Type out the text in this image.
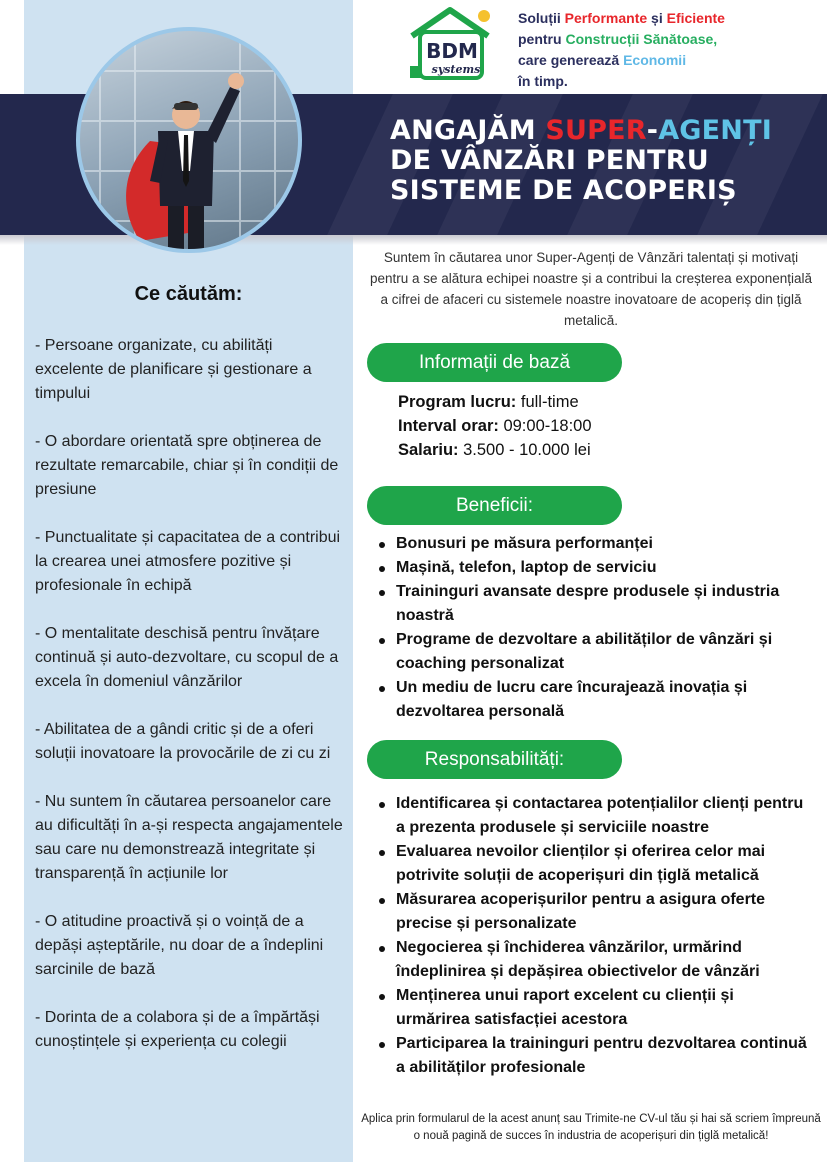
BDM
systems
Soluții Performante și Eficiente
pentru Construcții Sănătoase,
care generează Economii
în timp.
ANGAJĂM SUPER-AGENȚI
DE VÂNZĂRI PENTRU
SISTEME DE ACOPERIȘ
Ce căutăm:

- Persoane organizate, cu abilități excelente de planificare și gestionare a timpului

- O abordare orientată spre obținerea de rezultate remarcabile, chiar și în condiții de presiune

- Punctualitate și capacitatea de a contribui la crearea unei atmosfere pozitive și profesionale în echipă

- O mentalitate deschisă pentru învățare continuă și auto-dezvoltare, cu scopul de a excela în domeniul vânzărilor

- Abilitatea de a gândi critic și de a oferi soluții inovatoare la provocările de zi cu zi

- Nu suntem în căutarea persoanelor care au dificultăți în a-și respecta angajamentele sau care nu demonstrează integritate și transparență în acțiunile lor

- O atitudine proactivă și o voință de a depăși așteptările, nu doar de a îndeplini sarcinile de bază

- Dorinta de a colabora și de a împărtăși cunoștințele și experiența cu colegii

Suntem în căutarea unor Super-Agenți de Vânzări talentați și motivați pentru a se alătura echipei noastre și a contribui la creșterea exponențială a cifrei de afaceri cu sistemele noastre inovatoare de acoperiș din țiglă metalică.

Informații de bază
Program lucru: full-time
Interval orar: 09:00-18:00
Salariu: 3.500 - 10.000 lei
Beneficii:
Bonusuri pe măsura performanței
Mașină, telefon, laptop de serviciu
Traininguri avansate despre produsele și industria noastră
Programe de dezvoltare a abilităților de vânzări și coaching personalizat
Un mediu de lucru care încurajează inovația și dezvoltarea personală
Responsabilități:
Identificarea și contactarea potențialilor clienți pentru a prezenta produsele și serviciile noastre
Evaluarea nevoilor clienților și oferirea celor mai potrivite soluții de acoperișuri din țiglă metalică
Măsurarea acoperișurilor pentru a asigura oferte precise și personalizate
Negocierea și închiderea vânzărilor, urmărind îndeplinirea și depășirea obiectivelor de vânzări
Menținerea unui raport excelent cu clienții și urmărirea satisfacției acestora
Participarea la traininguri pentru dezvoltarea continuă a abilităților profesionale

Aplica prin formularul de la acest anunț sau Trimite-ne CV-ul tău și hai să scriem împreună o nouă pagină de succes în industria de acoperișuri din țiglă metalică!
